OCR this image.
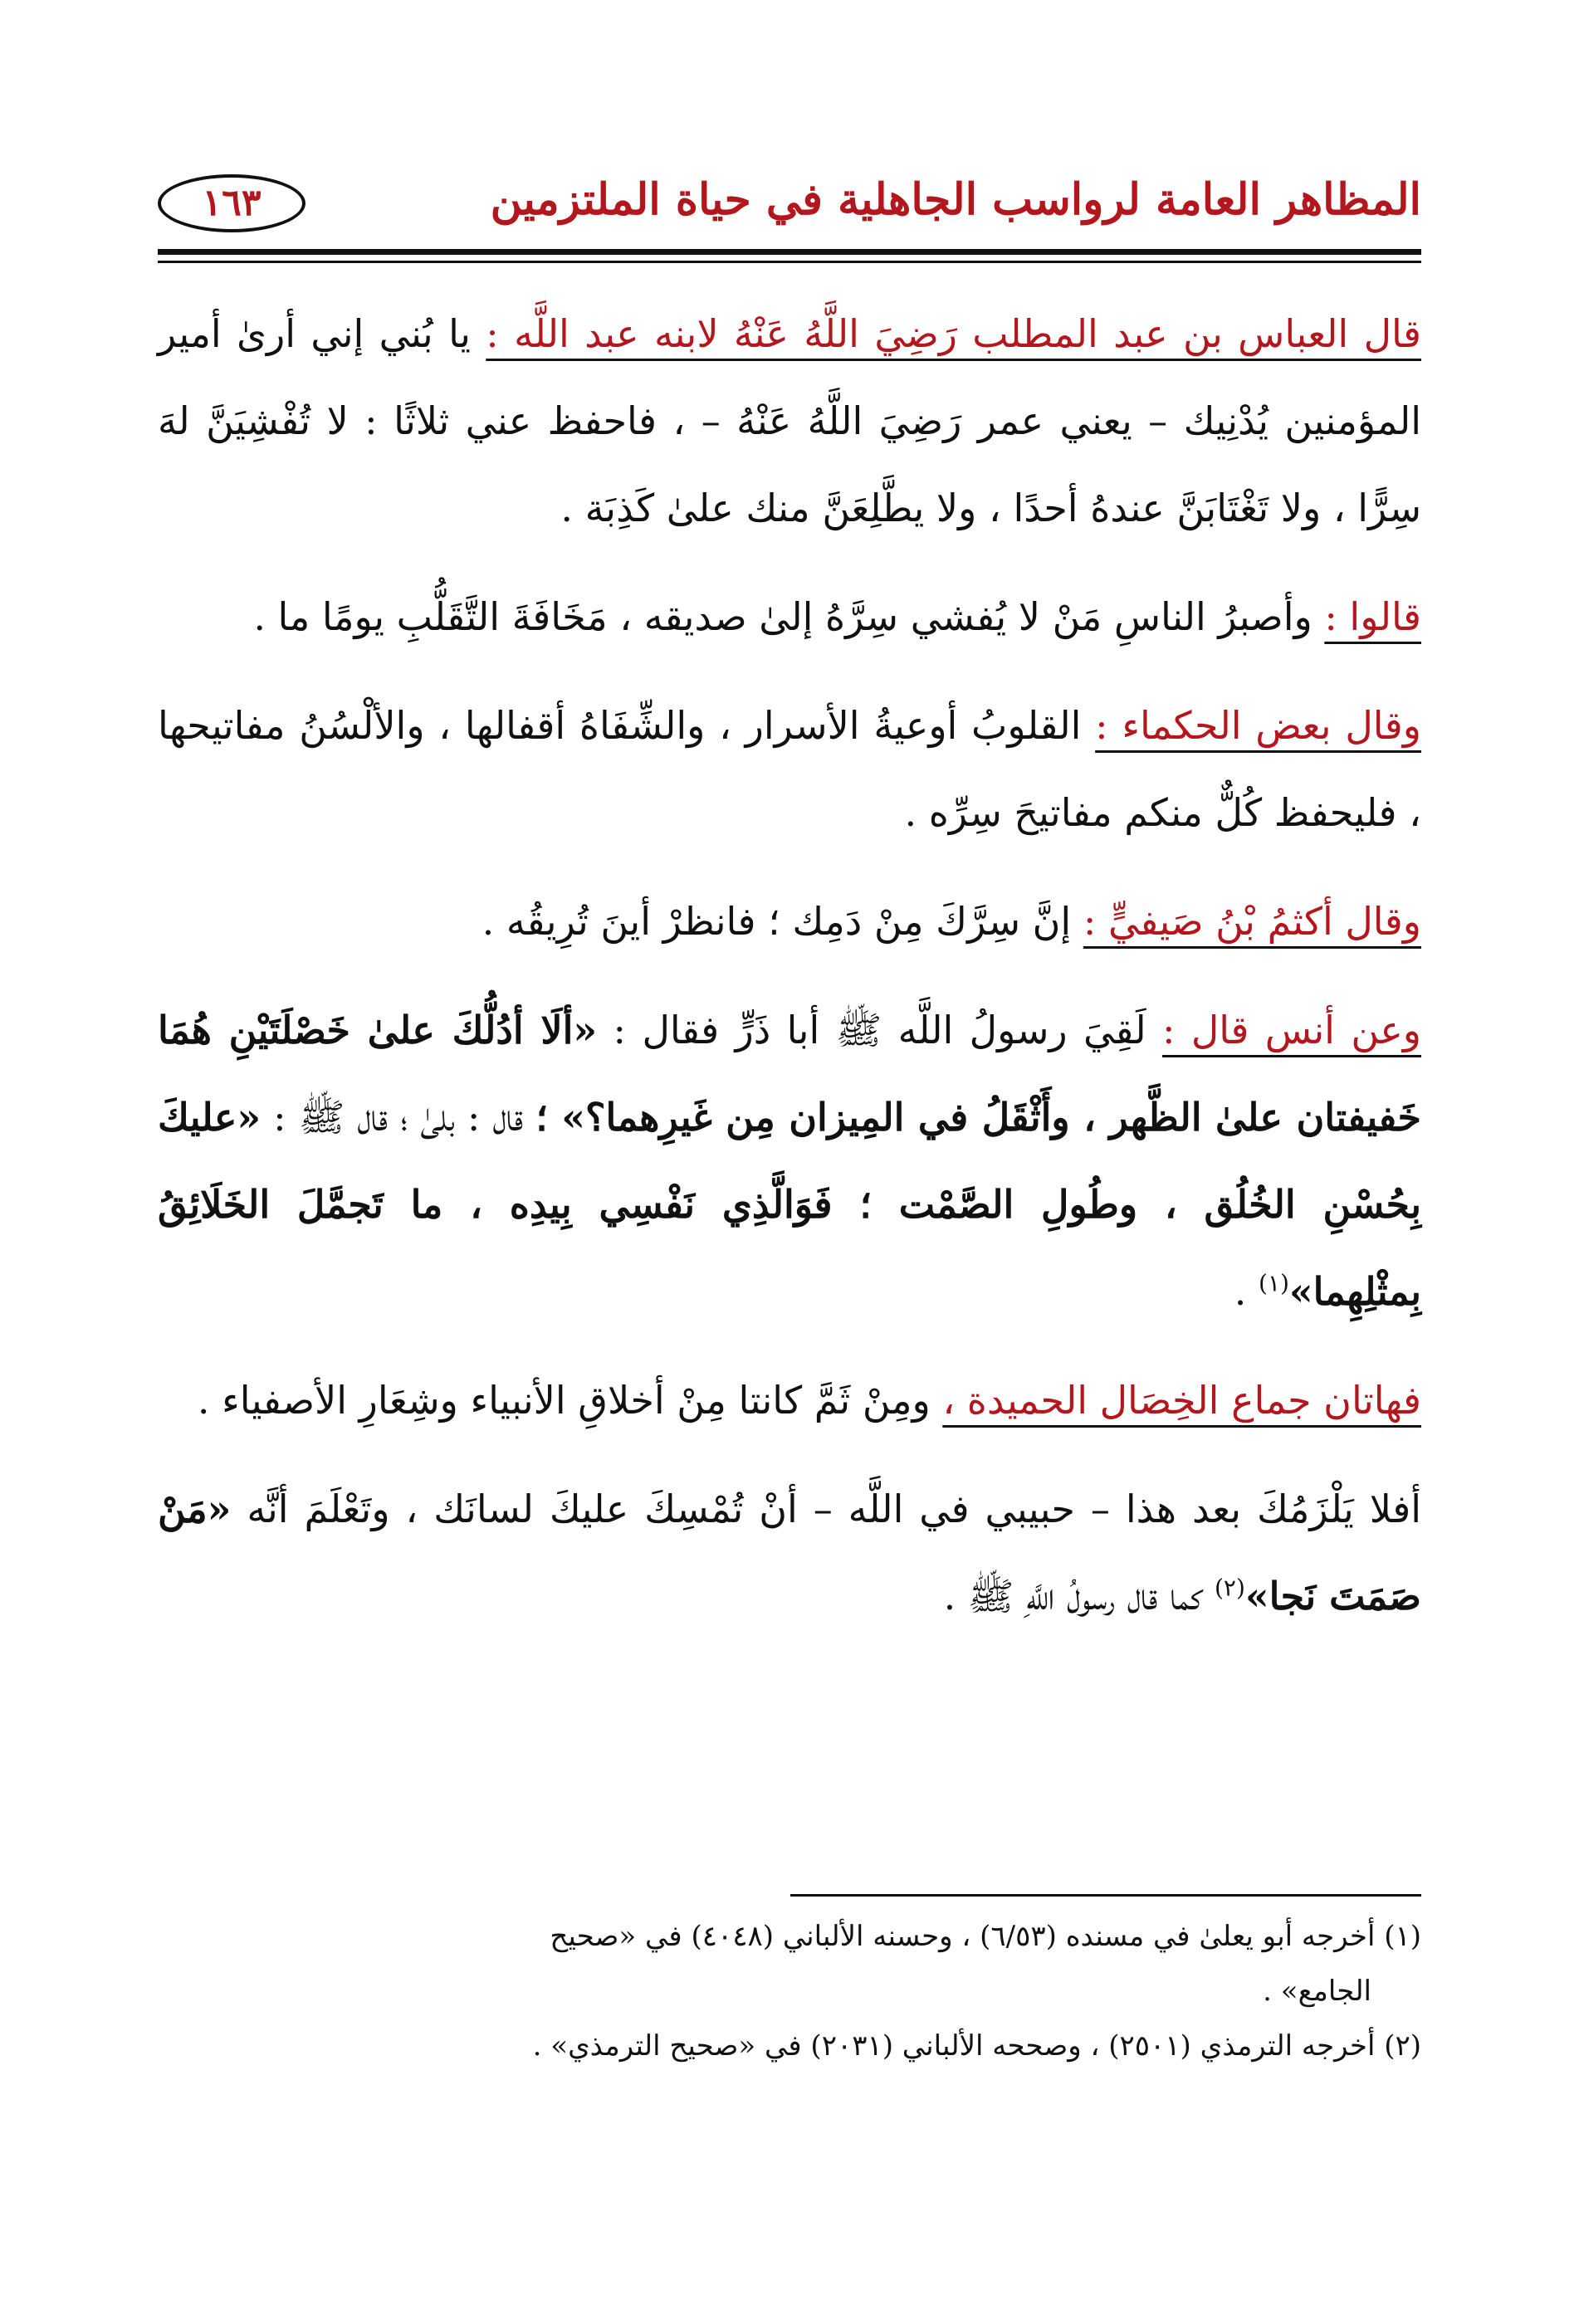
المظاهر العامة لرواسب الجاهلية في حياة الملتزمين
١٦٣

قال العباس بن عبد المطلب رَضِيَ اللَّهُ عَنْهُ لابنه عبد اللَّه : يا بُني إني أرىٰ أمير المؤمنين يُدْنِيك – يعني عمر رَضِيَ اللَّهُ عَنْهُ – ، فاحفظ عني ثلاثًا : لا تُفْشِيَنَّ لهَ سِرًّا ، ولا تَغْتَابَنَّ عندهُ أحدًا ، ولا يطَّلِعَنَّ منك علىٰ كَذِبَة .

قالوا : وأصبرُ الناسِ مَنْ لا يُفشي سِرَّهُ إلىٰ صديقه ، مَخَافَةَ التَّقَلُّبِ يومًا ما .

وقال بعض الحكماء : القلوبُ أوعيةُ الأسرار ، والشِّفَاهُ أقفالها ، والألْسُنُ مفاتيحها ، فليحفظ كُلٌّ منكم مفاتيحَ سِرِّه .

وقال أكثمُ بْنُ صَيفيٍّ : إنَّ سِرَّكَ مِنْ دَمِك ؛ فانظرْ أينَ تُرِيقُه .

وعن أنس قال : لَقِيَ رسولُ اللَّه ﷺ أبا ذَرٍّ فقال : «ألَا أدُلُّكَ علىٰ خَصْلَتَيْنِ هُمَا خَفيفتان علىٰ الظَّهر ، وأَثْقَلُ في المِيزان مِن غَيرِهما؟» ؛ قال : بلىٰ ؛ قال ﷺ : «عليكَ بِحُسْنِ الخُلُق ، وطُولِ الصَّمْت ؛ فَوَالَّذِي نَفْسِي بِيدِه ، ما تَجمَّلَ الخَلَائِقُ بِمثْلِهِما»$^{(١)}$ .

فهاتان جماع الخِصَال الحميدة ، ومِنْ ثَمَّ كانتا مِنْ أخلاقِ الأنبياء وشِعَارِ الأصفياء .

أفلا يَلْزَمُكَ بعد هذا – حبيبي في اللَّه – أنْ تُمْسِكَ عليكَ لسانَك ، وتَعْلَمَ أنَّه «مَنْ صَمَتَ نَجا»$^{(٢)}$ كما قال رسولُ اللَّهِ ﷺ .

(١) أخرجه أبو يعلىٰ في مسنده (٦/٥٣) ، وحسنه الألباني (٤٠٤٨) في «صحيح

الجامع» .

(٢) أخرجه الترمذي (٢٥٠١) ، وصححه الألباني (٢٠٣١) في «صحيح الترمذي» .
